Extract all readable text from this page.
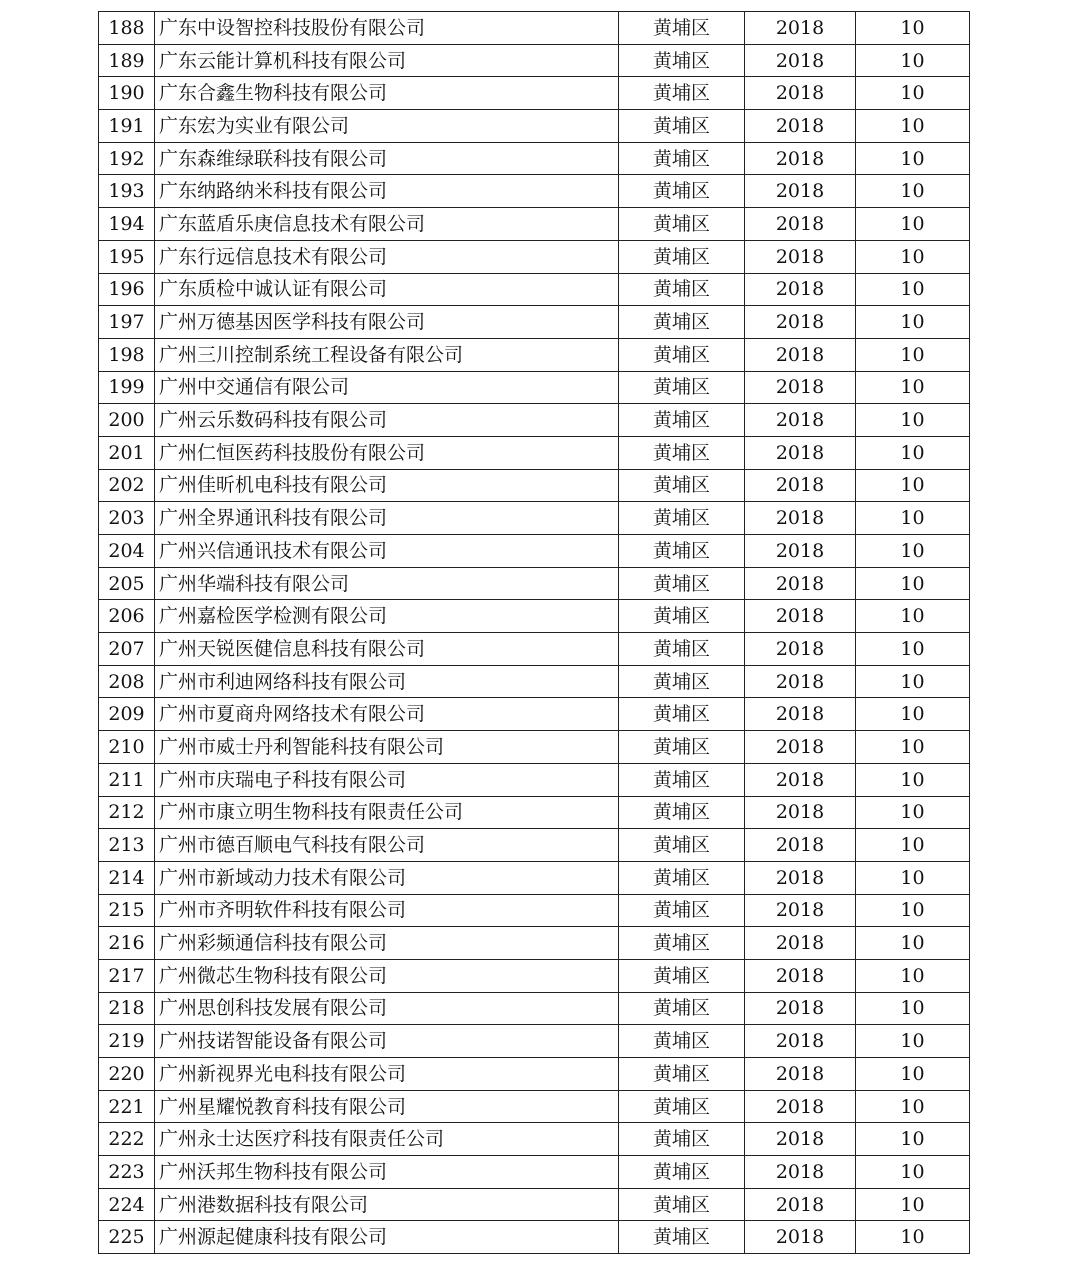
188	广东中设智控科技股份有限公司	黄埔区	2018	10
189	广东云能计算机科技有限公司	黄埔区	2018	10
190	广东合鑫生物科技有限公司	黄埔区	2018	10
191	广东宏为实业有限公司	黄埔区	2018	10
192	广东森维绿联科技有限公司	黄埔区	2018	10
193	广东纳路纳米科技有限公司	黄埔区	2018	10
194	广东蓝盾乐庚信息技术有限公司	黄埔区	2018	10
195	广东行远信息技术有限公司	黄埔区	2018	10
196	广东质检中诚认证有限公司	黄埔区	2018	10
197	广州万德基因医学科技有限公司	黄埔区	2018	10
198	广州三川控制系统工程设备有限公司	黄埔区	2018	10
199	广州中交通信有限公司	黄埔区	2018	10
200	广州云乐数码科技有限公司	黄埔区	2018	10
201	广州仁恒医药科技股份有限公司	黄埔区	2018	10
202	广州佳昕机电科技有限公司	黄埔区	2018	10
203	广州全界通讯科技有限公司	黄埔区	2018	10
204	广州兴信通讯技术有限公司	黄埔区	2018	10
205	广州华端科技有限公司	黄埔区	2018	10
206	广州嘉检医学检测有限公司	黄埔区	2018	10
207	广州天锐医健信息科技有限公司	黄埔区	2018	10
208	广州市利迪网络科技有限公司	黄埔区	2018	10
209	广州市夏商舟网络技术有限公司	黄埔区	2018	10
210	广州市威士丹利智能科技有限公司	黄埔区	2018	10
211	广州市庆瑞电子科技有限公司	黄埔区	2018	10
212	广州市康立明生物科技有限责任公司	黄埔区	2018	10
213	广州市德百顺电气科技有限公司	黄埔区	2018	10
214	广州市新域动力技术有限公司	黄埔区	2018	10
215	广州市齐明软件科技有限公司	黄埔区	2018	10
216	广州彩频通信科技有限公司	黄埔区	2018	10
217	广州微芯生物科技有限公司	黄埔区	2018	10
218	广州思创科技发展有限公司	黄埔区	2018	10
219	广州技诺智能设备有限公司	黄埔区	2018	10
220	广州新视界光电科技有限公司	黄埔区	2018	10
221	广州星耀悦教育科技有限公司	黄埔区	2018	10
222	广州永士达医疗科技有限责任公司	黄埔区	2018	10
223	广州沃邦生物科技有限公司	黄埔区	2018	10
224	广州港数据科技有限公司	黄埔区	2018	10
225	广州源起健康科技有限公司	黄埔区	2018	10
